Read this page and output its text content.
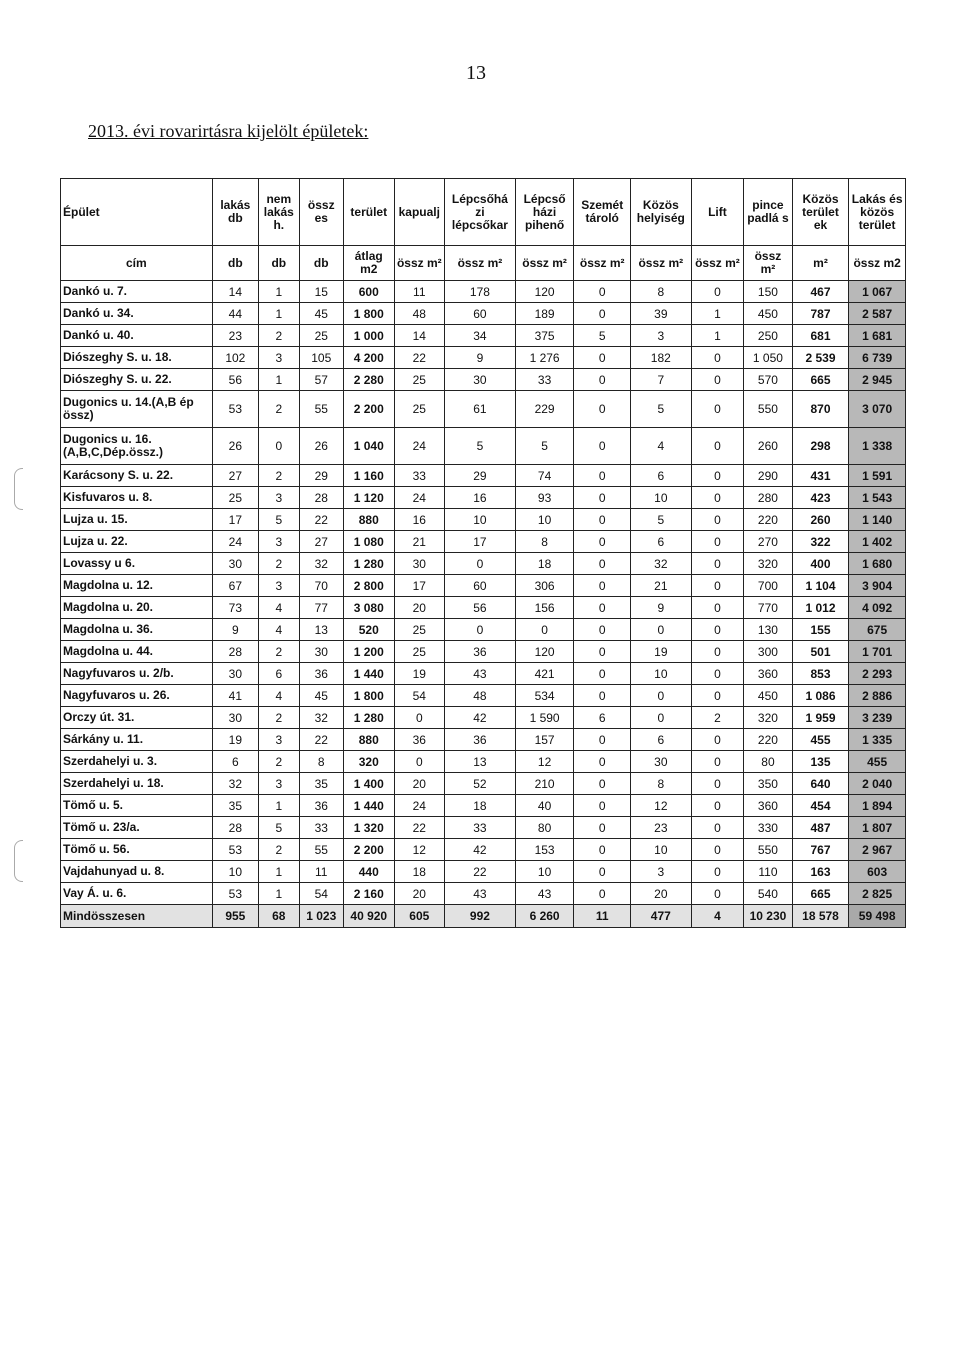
13
2013. évi rovarirtásra kijelölt épületek:
Épület	lakás db	nem lakás h.	össz es	terület	kapualj	Lépcsőhá zi lépcsőkar	Lépcső házi pihenő	Szemét tároló	Közös helyiség	Lift	pince padlá s	Közös terület ek	Lakás és közös terület
cím	db	db	db	átlag m2	össz m²	össz m²	össz m²	össz m²	össz m²	össz m²	össz m²	m²	össz m2
Dankó u. 7.	14	1	15	600	11	178	120	0	8	0	150	467	1 067
Dankó u. 34.	44	1	45	1 800	48	60	189	0	39	1	450	787	2 587
Dankó u. 40.	23	2	25	1 000	14	34	375	5	3	1	250	681	1 681
Diószeghy S. u. 18.	102	3	105	4 200	22	9	1 276	0	182	0	1 050	2 539	6 739
Diószeghy S. u. 22.	56	1	57	2 280	25	30	33	0	7	0	570	665	2 945
Dugonics u. 14.(A,B ép össz)	53	2	55	2 200	25	61	229	0	5	0	550	870	3 070
Dugonics u. 16.(A,B,C,Dép.össz.)	26	0	26	1 040	24	5	5	0	4	0	260	298	1 338
Karácsony S. u. 22.	27	2	29	1 160	33	29	74	0	6	0	290	431	1 591
Kisfuvaros u. 8.	25	3	28	1 120	24	16	93	0	10	0	280	423	1 543
Lujza u. 15.	17	5	22	880	16	10	10	0	5	0	220	260	1 140
Lujza u. 22.	24	3	27	1 080	21	17	8	0	6	0	270	322	1 402
Lovassy u 6.	30	2	32	1 280	30	0	18	0	32	0	320	400	1 680
Magdolna u. 12.	67	3	70	2 800	17	60	306	0	21	0	700	1 104	3 904
Magdolna u. 20.	73	4	77	3 080	20	56	156	0	9	0	770	1 012	4 092
Magdolna u. 36.	9	4	13	520	25	0	0	0	0	0	130	155	675
Magdolna u. 44.	28	2	30	1 200	25	36	120	0	19	0	300	501	1 701
Nagyfuvaros u. 2/b.	30	6	36	1 440	19	43	421	0	10	0	360	853	2 293
Nagyfuvaros u. 26.	41	4	45	1 800	54	48	534	0	0	0	450	1 086	2 886
Orczy út. 31.	30	2	32	1 280	0	42	1 590	6	0	2	320	1 959	3 239
Sárkány u. 11.	19	3	22	880	36	36	157	0	6	0	220	455	1 335
Szerdahelyi u. 3.	6	2	8	320	0	13	12	0	30	0	80	135	455
Szerdahelyi u. 18.	32	3	35	1 400	20	52	210	0	8	0	350	640	2 040
Tömő u. 5.	35	1	36	1 440	24	18	40	0	12	0	360	454	1 894
Tömő u. 23/a.	28	5	33	1 320	22	33	80	0	23	0	330	487	1 807
Tömő u. 56.	53	2	55	2 200	12	42	153	0	10	0	550	767	2 967
Vajdahunyad u. 8.	10	1	11	440	18	22	10	0	3	0	110	163	603
Vay Á. u. 6.	53	1	54	2 160	20	43	43	0	20	0	540	665	2 825
Mindösszesen	955	68	1 023	40 920	605	992	6 260	11	477	4	10 230	18 578	59 498
